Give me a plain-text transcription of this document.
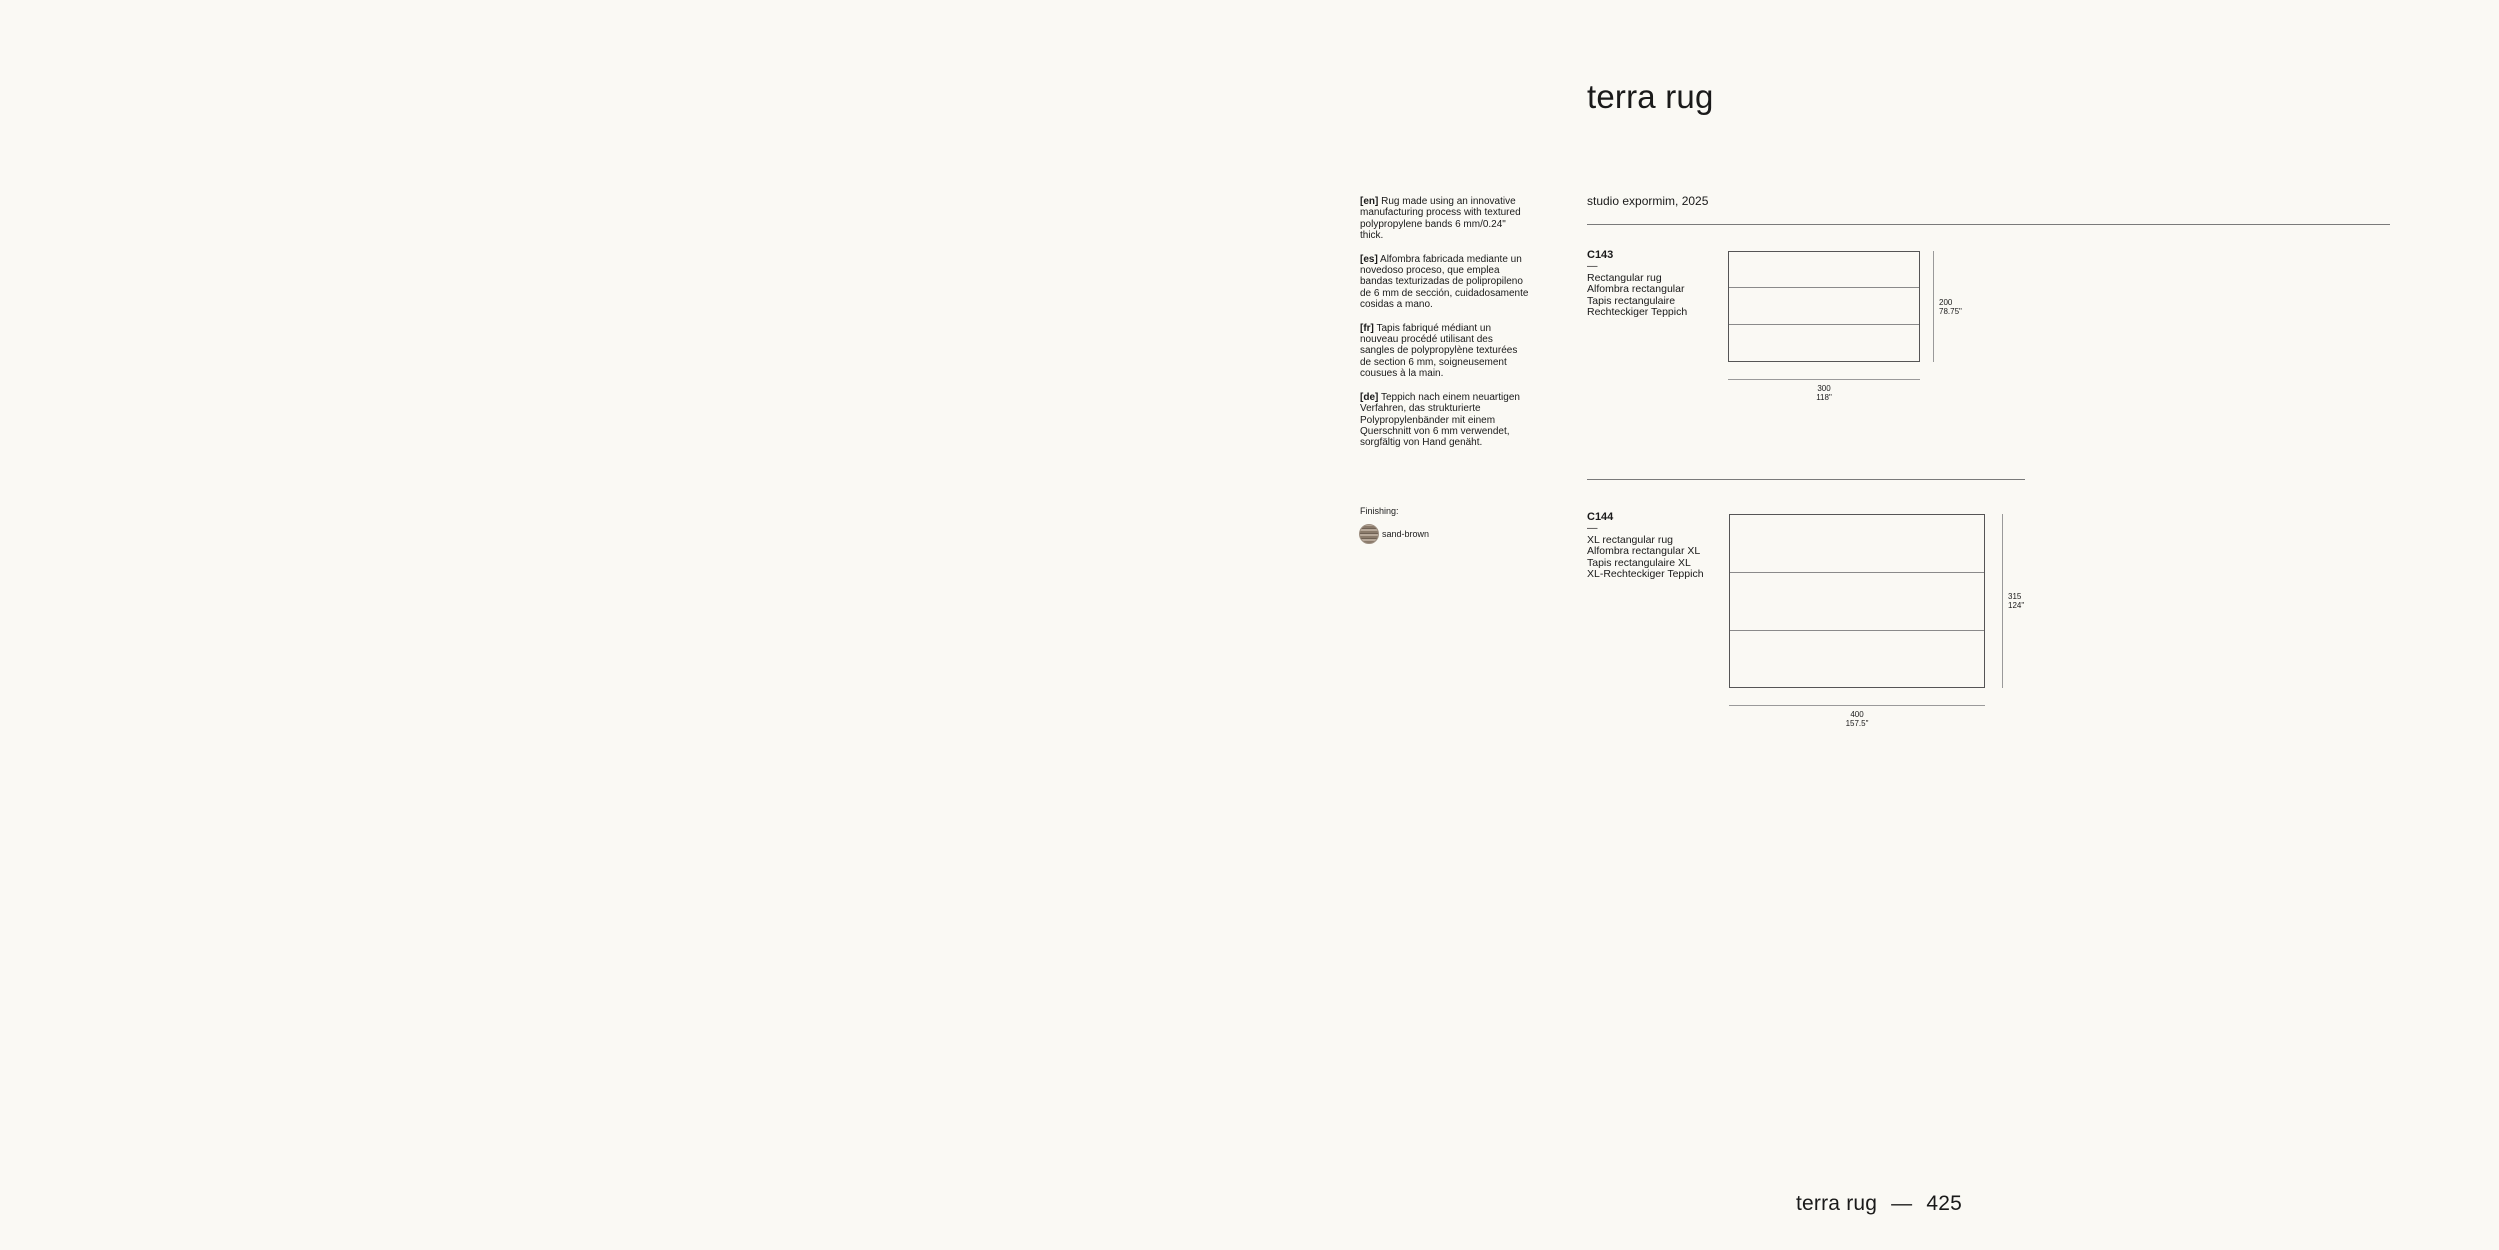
terra rug

[en] Rug made using an innovative manufacturing process with textured polypropylene bands 6 mm/0.24" thick.

[es] Alfombra fabricada mediante un novedoso proceso, que emplea bandas texturizadas de polipropileno de 6 mm de sección, cuidadosamente cosidas a mano.

[fr] Tapis fabriqué médiant un nouveau procédé utilisant des sangles de polypropylène texturées de section 6 mm, soigneusement cousues à la main.

[de] Teppich nach einem neuartigen Verfahren, das strukturierte Polypropylenbänder mit einem Querschnitt von 6 mm verwendet, sorgfältig von Hand genäht.

Finishing:
sand-brown
studio expormim, 2025
C143
—
Rectangular rug
Alfombra rectangular
Tapis rectangulaire
Rechteckiger Teppich
200
78.75"
300
118"
C144
—
XL rectangular rug
Alfombra rectangular XL
Tapis rectangulaire XL
XL-Rechteckiger Teppich
315
124"
400
157.5"
terra rug — 425
